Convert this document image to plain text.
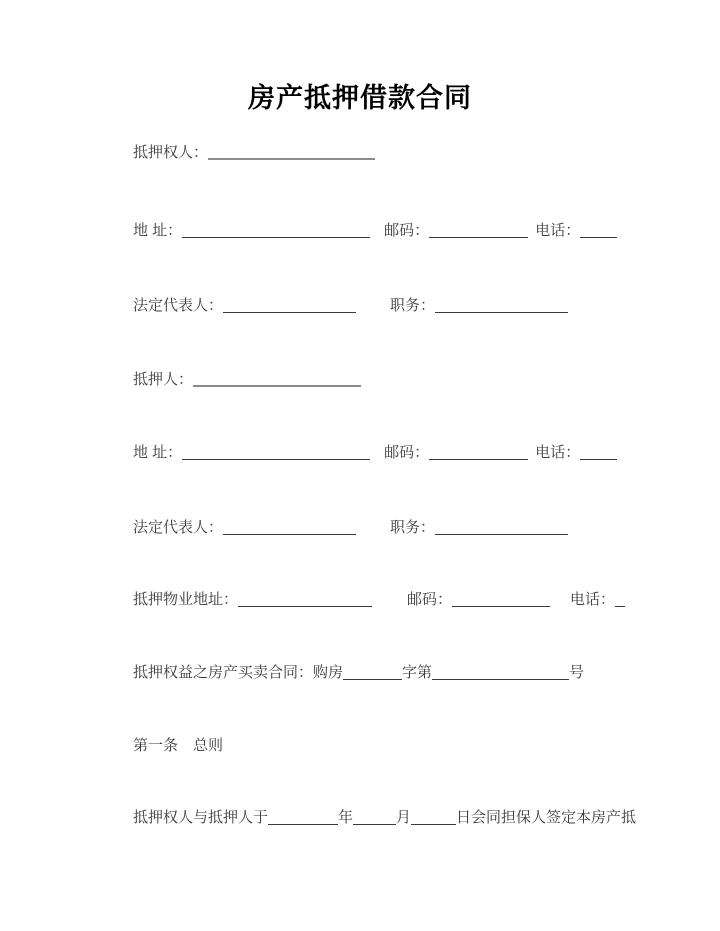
房产抵押借款合同
抵押权人：
地 址：	邮码：	电话：
法定代表人：	职务：
抵押人：
地 址：	邮码：	电话：
法定代表人：	职务：
抵押物业地址：	邮码：	电话：
抵押权益之房产买卖合同：购房	字第	号
第一条　总则
抵押权人与抵押人于	年	月	日会同担保人签定本房产抵
